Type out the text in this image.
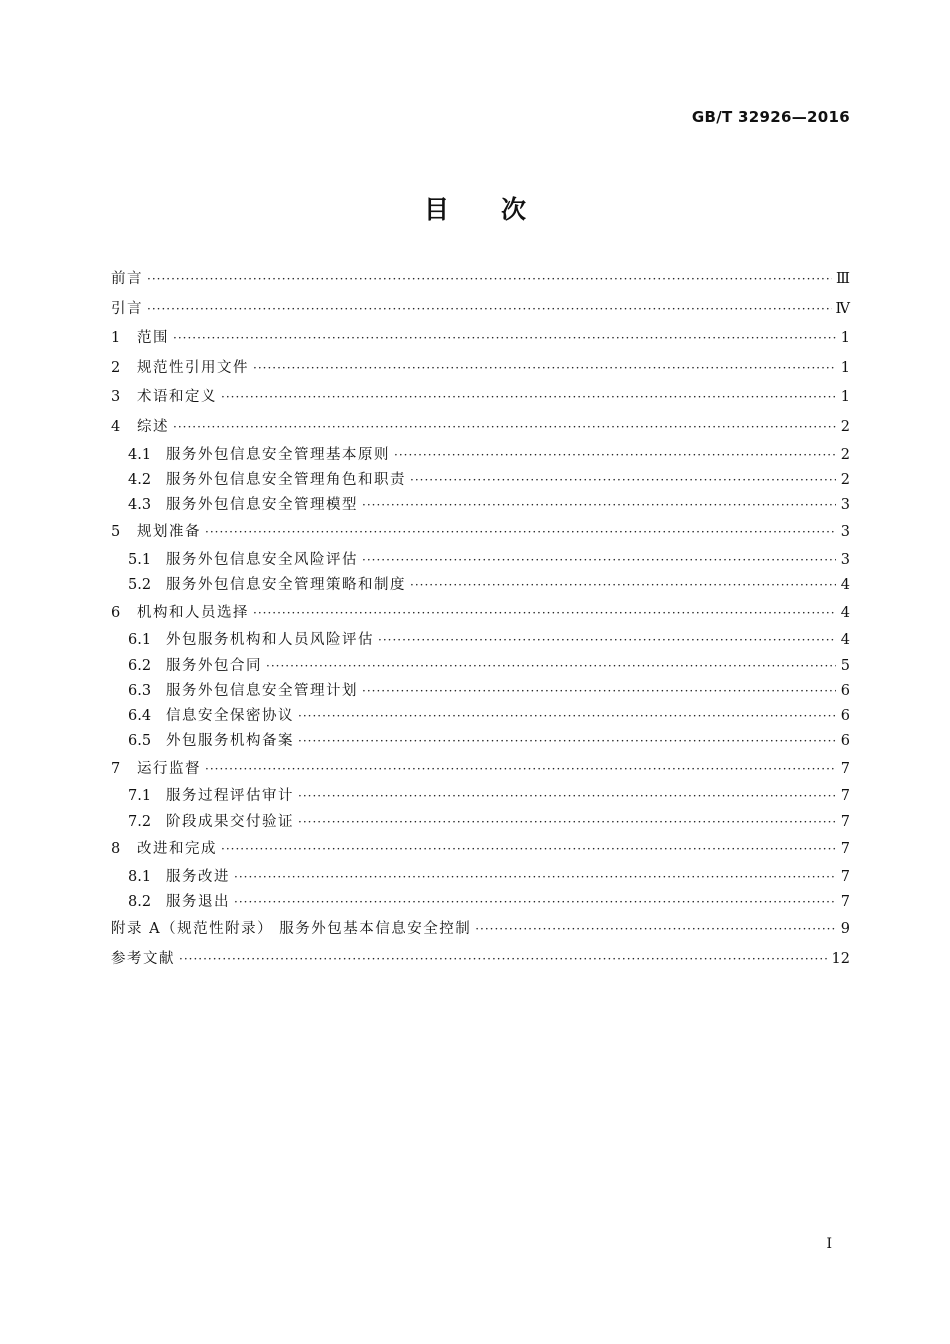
GB/T 32926—2016
目次
前言 ·····	Ⅲ
引言 ·····	Ⅳ
1	范围 ·····	1
2	规范性引用文件 ·····	1
3	术语和定义 ·····	1
4	综述 ·····	2
4.1	服务外包信息安全管理基本原则 ·····	2
4.2	服务外包信息安全管理角色和职责 ·····	2
4.3	服务外包信息安全管理模型 ·····	3
5	规划准备 ·····	3
5.1	服务外包信息安全风险评估 ·····	3
5.2	服务外包信息安全管理策略和制度 ·····	4
6	机构和人员选择 ·····	4
6.1	外包服务机构和人员风险评估 ·····	4
6.2	服务外包合同 ·····	5
6.3	服务外包信息安全管理计划 ·····	6
6.4	信息安全保密协议 ·····	6
6.5	外包服务机构备案 ·····	6
7	运行监督 ·····	7
7.1	服务过程评估审计 ·····	7
7.2	阶段成果交付验证 ·····	7
8	改进和完成 ·····	7
8.1	服务改进 ·····	7
8.2	服务退出 ·····	7
附录 A（规范性附录） 服务外包基本信息安全控制 ·····	9
参考文献 ·····	12
Ⅰ
